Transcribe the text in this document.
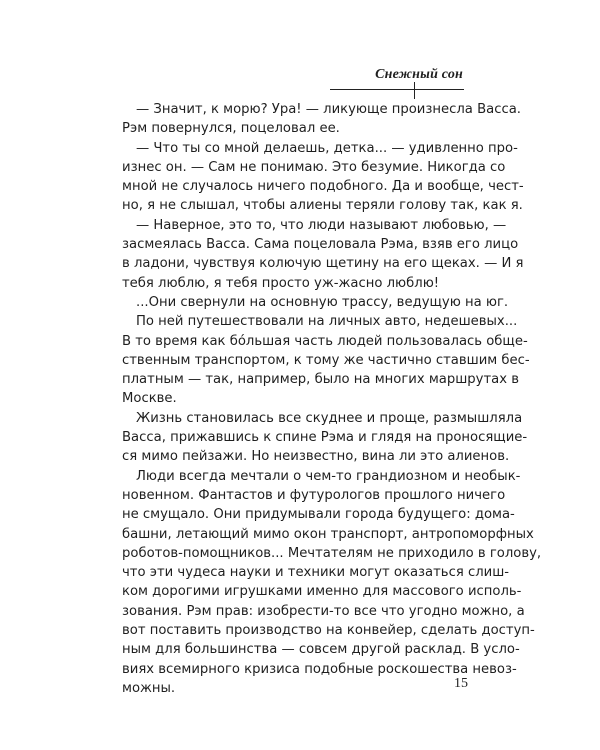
Снежный сон
— Значит, к морю? Ура! — ликующе произнесла Васса.
Рэм повернулся, поцеловал ее.
— Что ты со мной делаешь, детка... — удивленно про-
изнес он. — Сам не понимаю. Это безумие. Никогда со
мной не случалось ничего подобного. Да и вообще, чест-
но, я не слышал, чтобы алиены теряли голову так, как я.
— Наверное, это то, что люди называют любовью, —
засмеялась Васса. Сама поцеловала Рэма, взяв его лицо
в ладони, чувствуя колючую щетину на его щеках. — И я
тебя люблю, я тебя просто уж-жасно люблю!
...Они свернули на основную трассу, ведущую на юг.
По ней путешествовали на личных авто, недешевых...
В то время как бо́льшая часть людей пользовалась обще-
ственным транспортом, к тому же частично ставшим бес-
платным — так, например, было на многих маршрутах в
Москве.
Жизнь становилась все скуднее и проще, размышляла
Васса, прижавшись к спине Рэма и глядя на проносящие-
ся мимо пейзажи. Но неизвестно, вина ли это алиенов.
Люди всегда мечтали о чем-то грандиозном и необык-
новенном. Фантастов и футурологов прошлого ничего
не смущало. Они придумывали города будущего: дома-
башни, летающий мимо окон транспорт, антропоморфных
роботов-помощников... Мечтателям не приходило в голову,
что эти чудеса науки и техники могут оказаться слиш-
ком дорогими игрушками именно для массового исполь-
зования. Рэм прав: изобрести-то все что угодно можно, а
вот поставить производство на конвейер, сделать доступ-
ным для большинства — совсем другой расклад. В усло-
виях всемирного кризиса подобные роскошества невоз-
можны.	15
